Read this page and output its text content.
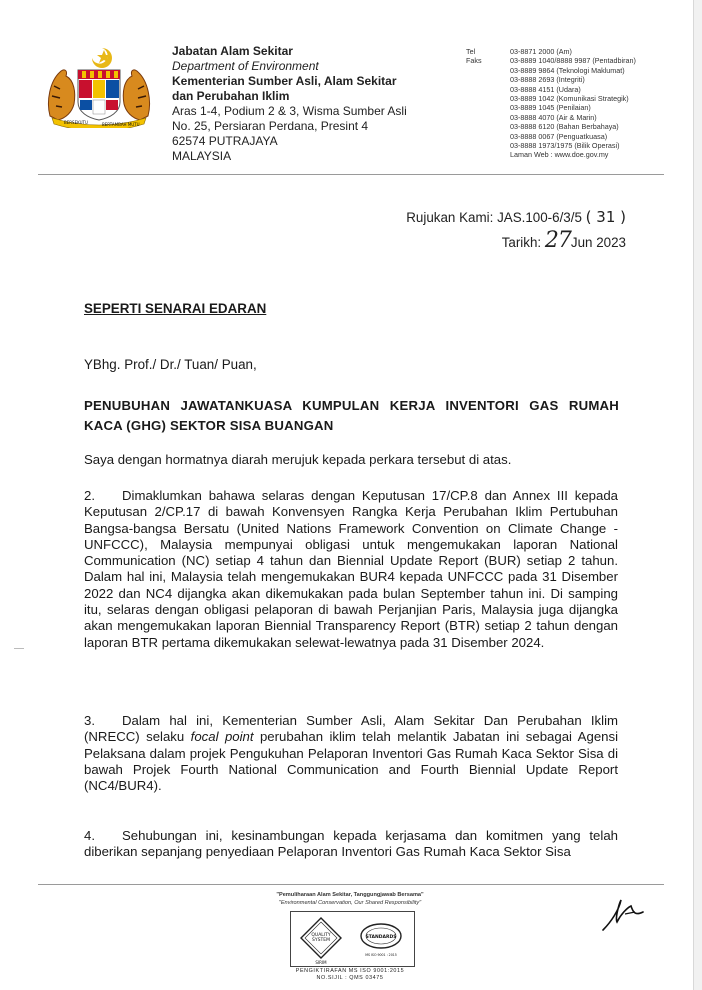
BERSEKUTU	BERTAMBAH MUTU
Jabatan Alam Sekitar
Department of Environment
Kementerian Sumber Asli, Alam Sekitar
dan Perubahan Iklim
Aras 1-4, Podium 2 & 3, Wisma Sumber Asli
No. 25, Persiaran Perdana, Presint 4
62574 PUTRAJAYA
MALAYSIA
Tel
Faks
03-8871 2000 (Am)
03-8889 1040/8888 9987 (Pentadbiran)
03-8889 9864 (Teknologi Maklumat)
03-8888 2693 (Integriti)
03-8888 4151 (Udara)
03-8889 1042 (Komunikasi Strategik)
03-8889 1045 (Penilaian)
03-8888 4070 (Air & Marin)
03-8888 6120 (Bahan Berbahaya)
03-8888 0067 (Penguatkuasa)
03-8888 1973/1975 (Bilik Operasi)
Laman Web : www.doe.gov.my
Rujukan Kami: JAS.100-6/3/5 ( 31 )
Tarikh: 27Jun 2023
SEPERTI SENARAI EDARAN
YBhg. Prof./ Dr./ Tuan/ Puan,
PENUBUHAN JAWATANKUASA KUMPULAN KERJA INVENTORI GAS RUMAH KACA (GHG) SEKTOR SISA BUANGAN
Saya dengan hormatnya diarah merujuk kepada perkara tersebut di atas.
2. Dimaklumkan bahawa selaras dengan Keputusan 17/CP.8 dan Annex III kepada Keputusan 2/CP.17 di bawah Konvensyen Rangka Kerja Perubahan Iklim Pertubuhan Bangsa-bangsa Bersatu (United Nations Framework Convention on Climate Change - UNFCCC), Malaysia mempunyai obligasi untuk mengemukakan laporan National Communication (NC) setiap 4 tahun dan Biennial Update Report (BUR) setiap 2 tahun. Dalam hal ini, Malaysia telah mengemukakan BUR4 kepada UNFCCC pada 31 Disember 2022 dan NC4 dijangka akan dikemukakan pada bulan September tahun ini. Di samping itu, selaras dengan obligasi pelaporan di bawah Perjanjian Paris, Malaysia juga dijangka akan mengemukakan laporan Biennial Transparency Report (BTR) setiap 2 tahun dengan laporan BTR pertama dikemukakan selewat-lewatnya pada 31 Disember 2024.
3. Dalam hal ini, Kementerian Sumber Asli, Alam Sekitar Dan Perubahan Iklim (NRECC) selaku focal point perubahan iklim telah melantik Jabatan ini sebagai Agensi Pelaksana dalam projek Pengukuhan Pelaporan Inventori Gas Rumah Kaca Sektor Sisa di bawah Projek Fourth National Communication and Fourth Biennial Update Report (NC4/BUR4).
4. Sehubungan ini, kesinambungan kepada kerjasama dan komitmen yang telah diberikan sepanjang penyediaan Pelaporan Inventori Gas Rumah Kaca Sektor Sisa
"Pemuliharaan Alam Sekitar, Tanggungjawab Bersama"
"Environmental Conservation, Our Shared Responsibility"
QUALITY
SYSTEM
SIRIM
STANDARDS
MS ISO 9001 : 2015
PENGIKTIRAFAN MS ISO 9001:2015
NO.SIJIL : QMS 03475
